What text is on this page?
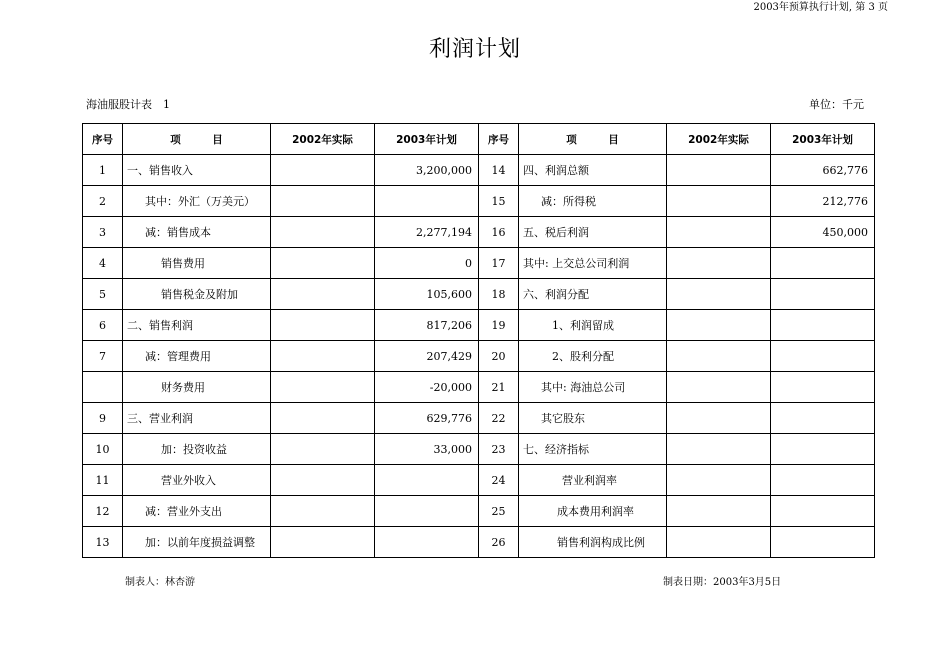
2003年预算执行计划, 第 3 页
利润计划
海油服股计表　1	单位：千元
序号	项　　　目	2002年实际	2003年计划	序号	项　　　目	2002年实际	2003年计划
1	一、销售收入		3,200,000	14	四、利润总额		662,776
2	其中：外汇（万美元）			15	减：所得税		212,776
3	减：销售成本		2,277,194	16	五、税后利润		450,000
4	销售费用		0	17	其中: 上交总公司利润		
5	销售税金及附加		105,600	18	六、利润分配		
6	二、销售利润		817,206	19	1、利润留成		
7	减：管理费用		207,429	20	2、股利分配		
	财务费用		-20,000	21	其中: 海油总公司		
9	三、营业利润		629,776	22	其它股东		
10	加：投资收益		33,000	23	七、经济指标		
11	营业外收入			24	营业利润率		
12	减：营业外支出			25	成本费用利润率		
13	加：以前年度损益调整			26	销售利润构成比例		
制表人：林杏游	制表日期：2003年3月5日
